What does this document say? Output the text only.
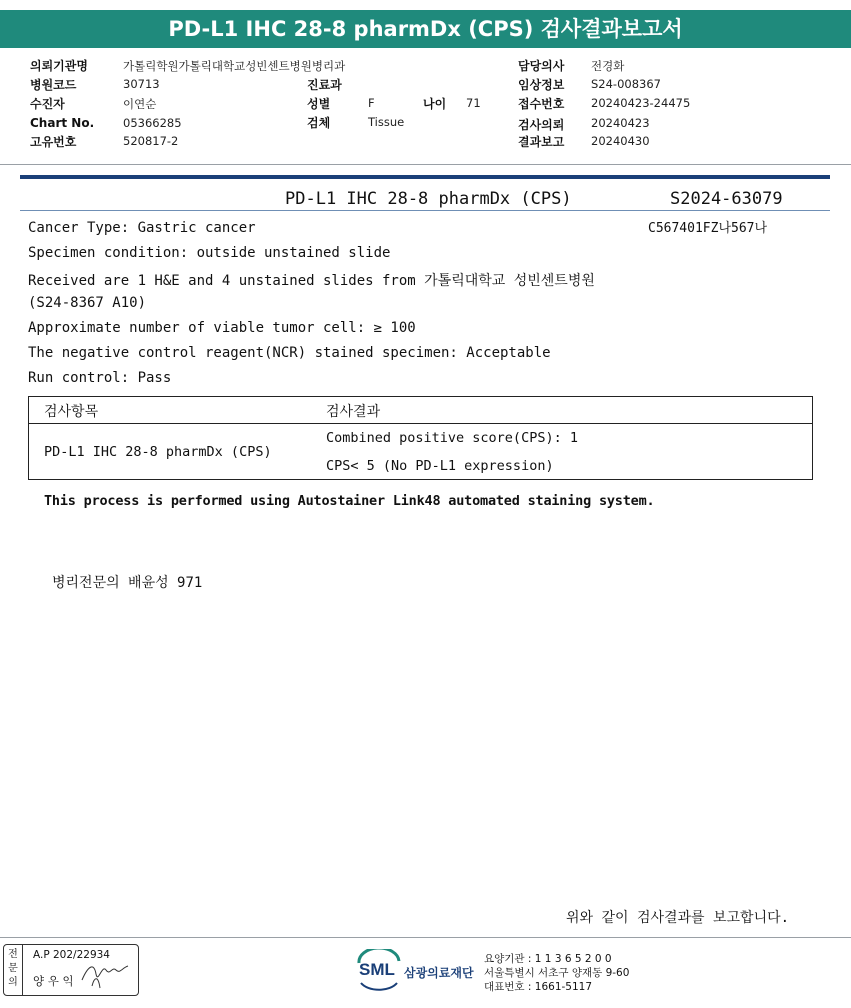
PD-L1 IHC 28-8 pharmDx (CPS) 검사결과보고서
의뢰기관명	가톨릭학원가톨릭대학교성빈센트병원병리과
병원코드	30713	진료과
수진자	이연순	성별	F	나이 71
Chart No.	05366285	검체	Tissue
고유번호	520817-2
담당의사 전경화
임상정보 S24-008367
접수번호 20240423-24475
검사의뢰 20240423
결과보고 20240430
PD-L1 IHC 28-8 pharmDx (CPS)	S2024-63079
C567401FZ나567나
Cancer Type: Gastric cancer
Specimen condition: outside unstained slide
Received are 1 H&E and 4 unstained slides from 가톨릭대학교 성빈센트병원
(S24-8367 A10)
Approximate number of viable tumor cell: ≥ 100
The negative control reagent(NCR) stained specimen: Acceptable
Run control: Pass
검사항목	검사결과
PD-L1 IHC 28-8 pharmDx (CPS)
Combined positive score(CPS): 1
CPS< 5 (No PD-L1 expression)
This process is performed using Autostainer Link48 automated staining system.
병리전문의 배윤성 971
위와 같이 검사결과를 보고합니다.
전문의
A.P 202/22934
양 우 익
SML 삼광의료재단
요양기관 : 1 1 3 6 5 2 0 0
서울특별시 서초구 양재동 9-60
대표번호 : 1661-5117
